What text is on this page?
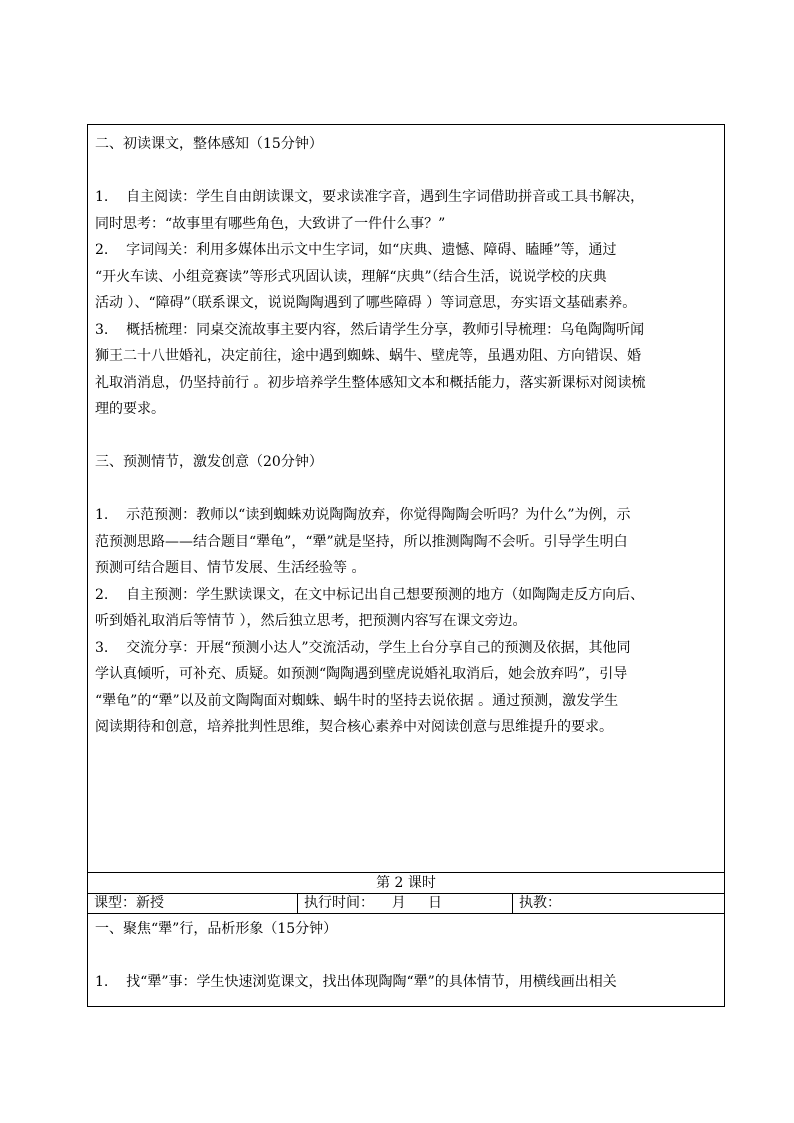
二、初读课文，整体感知（15分钟）

1.    自主阅读：学生自由朗读课文，要求读准字音，遇到生字词借助拼音或工具书解决，
同时思考：“故事里有哪些角色，大致讲了一件什么事？”

2.    字词闯关：利用多媒体出示文中生字词，如“庆典、遗憾、障碍、瞌睡”等，通过
“开火车读、小组竞赛读”等形式巩固认读，理解“庆典”（结合生活，说说学校的庆典
活动 ）、“障碍”（联系课文，说说陶陶遇到了哪些障碍 ）等词意思，夯实语文基础素养。

3.    概括梳理：同桌交流故事主要内容，然后请学生分享，教师引导梳理：乌龟陶陶听闻
狮王二十八世婚礼，决定前往，途中遇到蜘蛛、蜗牛、壁虎等，虽遇劝阻、方向错误、婚
礼取消消息，仍坚持前行 。初步培养学生整体感知文本和概括能力，落实新课标对阅读梳
理的要求。

三、预测情节，激发创意（20分钟）

1.    示范预测：教师以“读到蜘蛛劝说陶陶放弃，你觉得陶陶会听吗？为什么”为例，示
范预测思路——结合题目“犟龟”，“犟”就是坚持，所以推测陶陶不会听。引导学生明白
预测可结合题目、情节发展、生活经验等 。

2.    自主预测：学生默读课文，在文中标记出自己想要预测的地方（如陶陶走反方向后、
听到婚礼取消后等情节 ），然后独立思考，把预测内容写在课文旁边。

3.    交流分享：开展“预测小达人”交流活动，学生上台分享自己的预测及依据，其他同
学认真倾听，可补充、质疑。如预测“陶陶遇到壁虎说婚礼取消后，她会放弃吗”，引导
“犟龟”的“犟”以及前文陶陶面对蜘蛛、蜗牛时的坚持去说依据 。通过预测，激发学生
阅读期待和创意，培养批判性思维，契合核心素养中对阅读创意与思维提升的要求。

第 2 课时
课型：新授	执行时间：    月     日	执教：

一、聚焦“犟”行，品析形象（15分钟）

1.    找“犟”事：学生快速浏览课文，找出体现陶陶“犟”的具体情节，用横线画出相关
